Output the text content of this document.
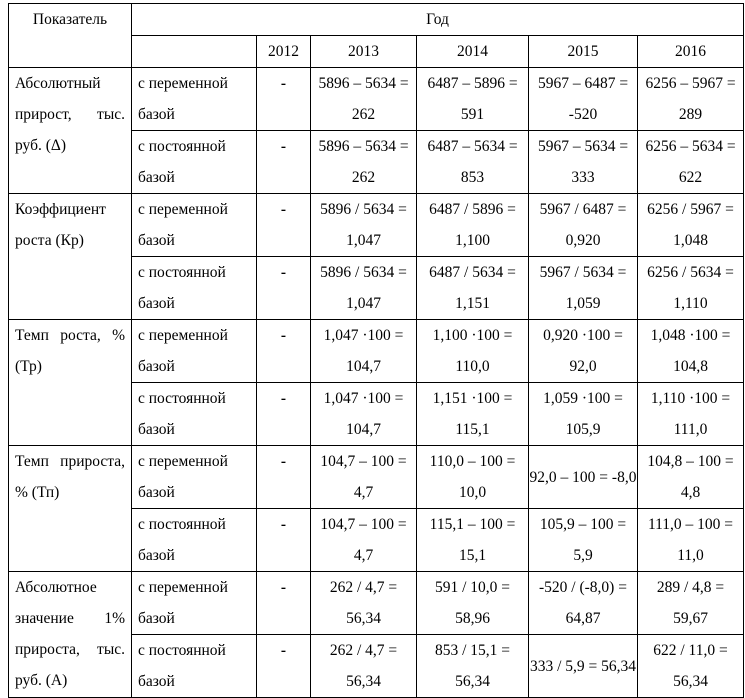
Показатель	Год					
		2012	2013	2014	2015	2016
Абсолютный прирост, тыс. руб. (Δ)	с переменной базой	-	5896 – 5634 = 262	6487 – 5896 = 591	5967 – 6487 = -520	6256 – 5967 = 289
	с постоянной базой	-	5896 – 5634 = 262	6487 – 5634 = 853	5967 – 5634 = 333	6256 – 5634 = 622
Коэффициент роста (Кр)	с переменной базой	-	5896 / 5634 = 1,047	6487 / 5896 = 1,100	5967 / 6487 = 0,920	6256 / 5967 = 1,048
	с постоянной базой	-	5896 / 5634 = 1,047	6487 / 5634 = 1,151	5967 / 5634 = 1,059	6256 / 5634 = 1,110
Темп роста, % (Тр)	с переменной базой	-	1,047 ·100 = 104,7	1,100 ·100 = 110,0	0,920 ·100 = 92,0	1,048 ·100 = 104,8
	с постоянной базой	-	1,047 ·100 = 104,7	1,151 ·100 = 115,1	1,059 ·100 = 105,9	1,110 ·100 = 111,0
Темп прироста, % (Тп)	с переменной базой	-	104,7 – 100 = 4,7	110,0 – 100 = 10,0	92,0 – 100 = -8,0	104,8 – 100 = 4,8
	с постоянной базой	-	104,7 – 100 = 4,7	115,1 – 100 = 15,1	105,9 – 100 = 5,9	111,0 – 100 = 11,0
Абсолютное значение 1% прироста, тыс. руб. (А)	с переменной базой	-	262 / 4,7 = 56,34	591 / 10,0 = 58,96	-520 / (-8,0) = 64,87	289 / 4,8 = 59,67
	с постоянной базой	-	262 / 4,7 = 56,34	853 / 15,1 = 56,34	333 / 5,9 = 56,34	622 / 11,0 = 56,34
